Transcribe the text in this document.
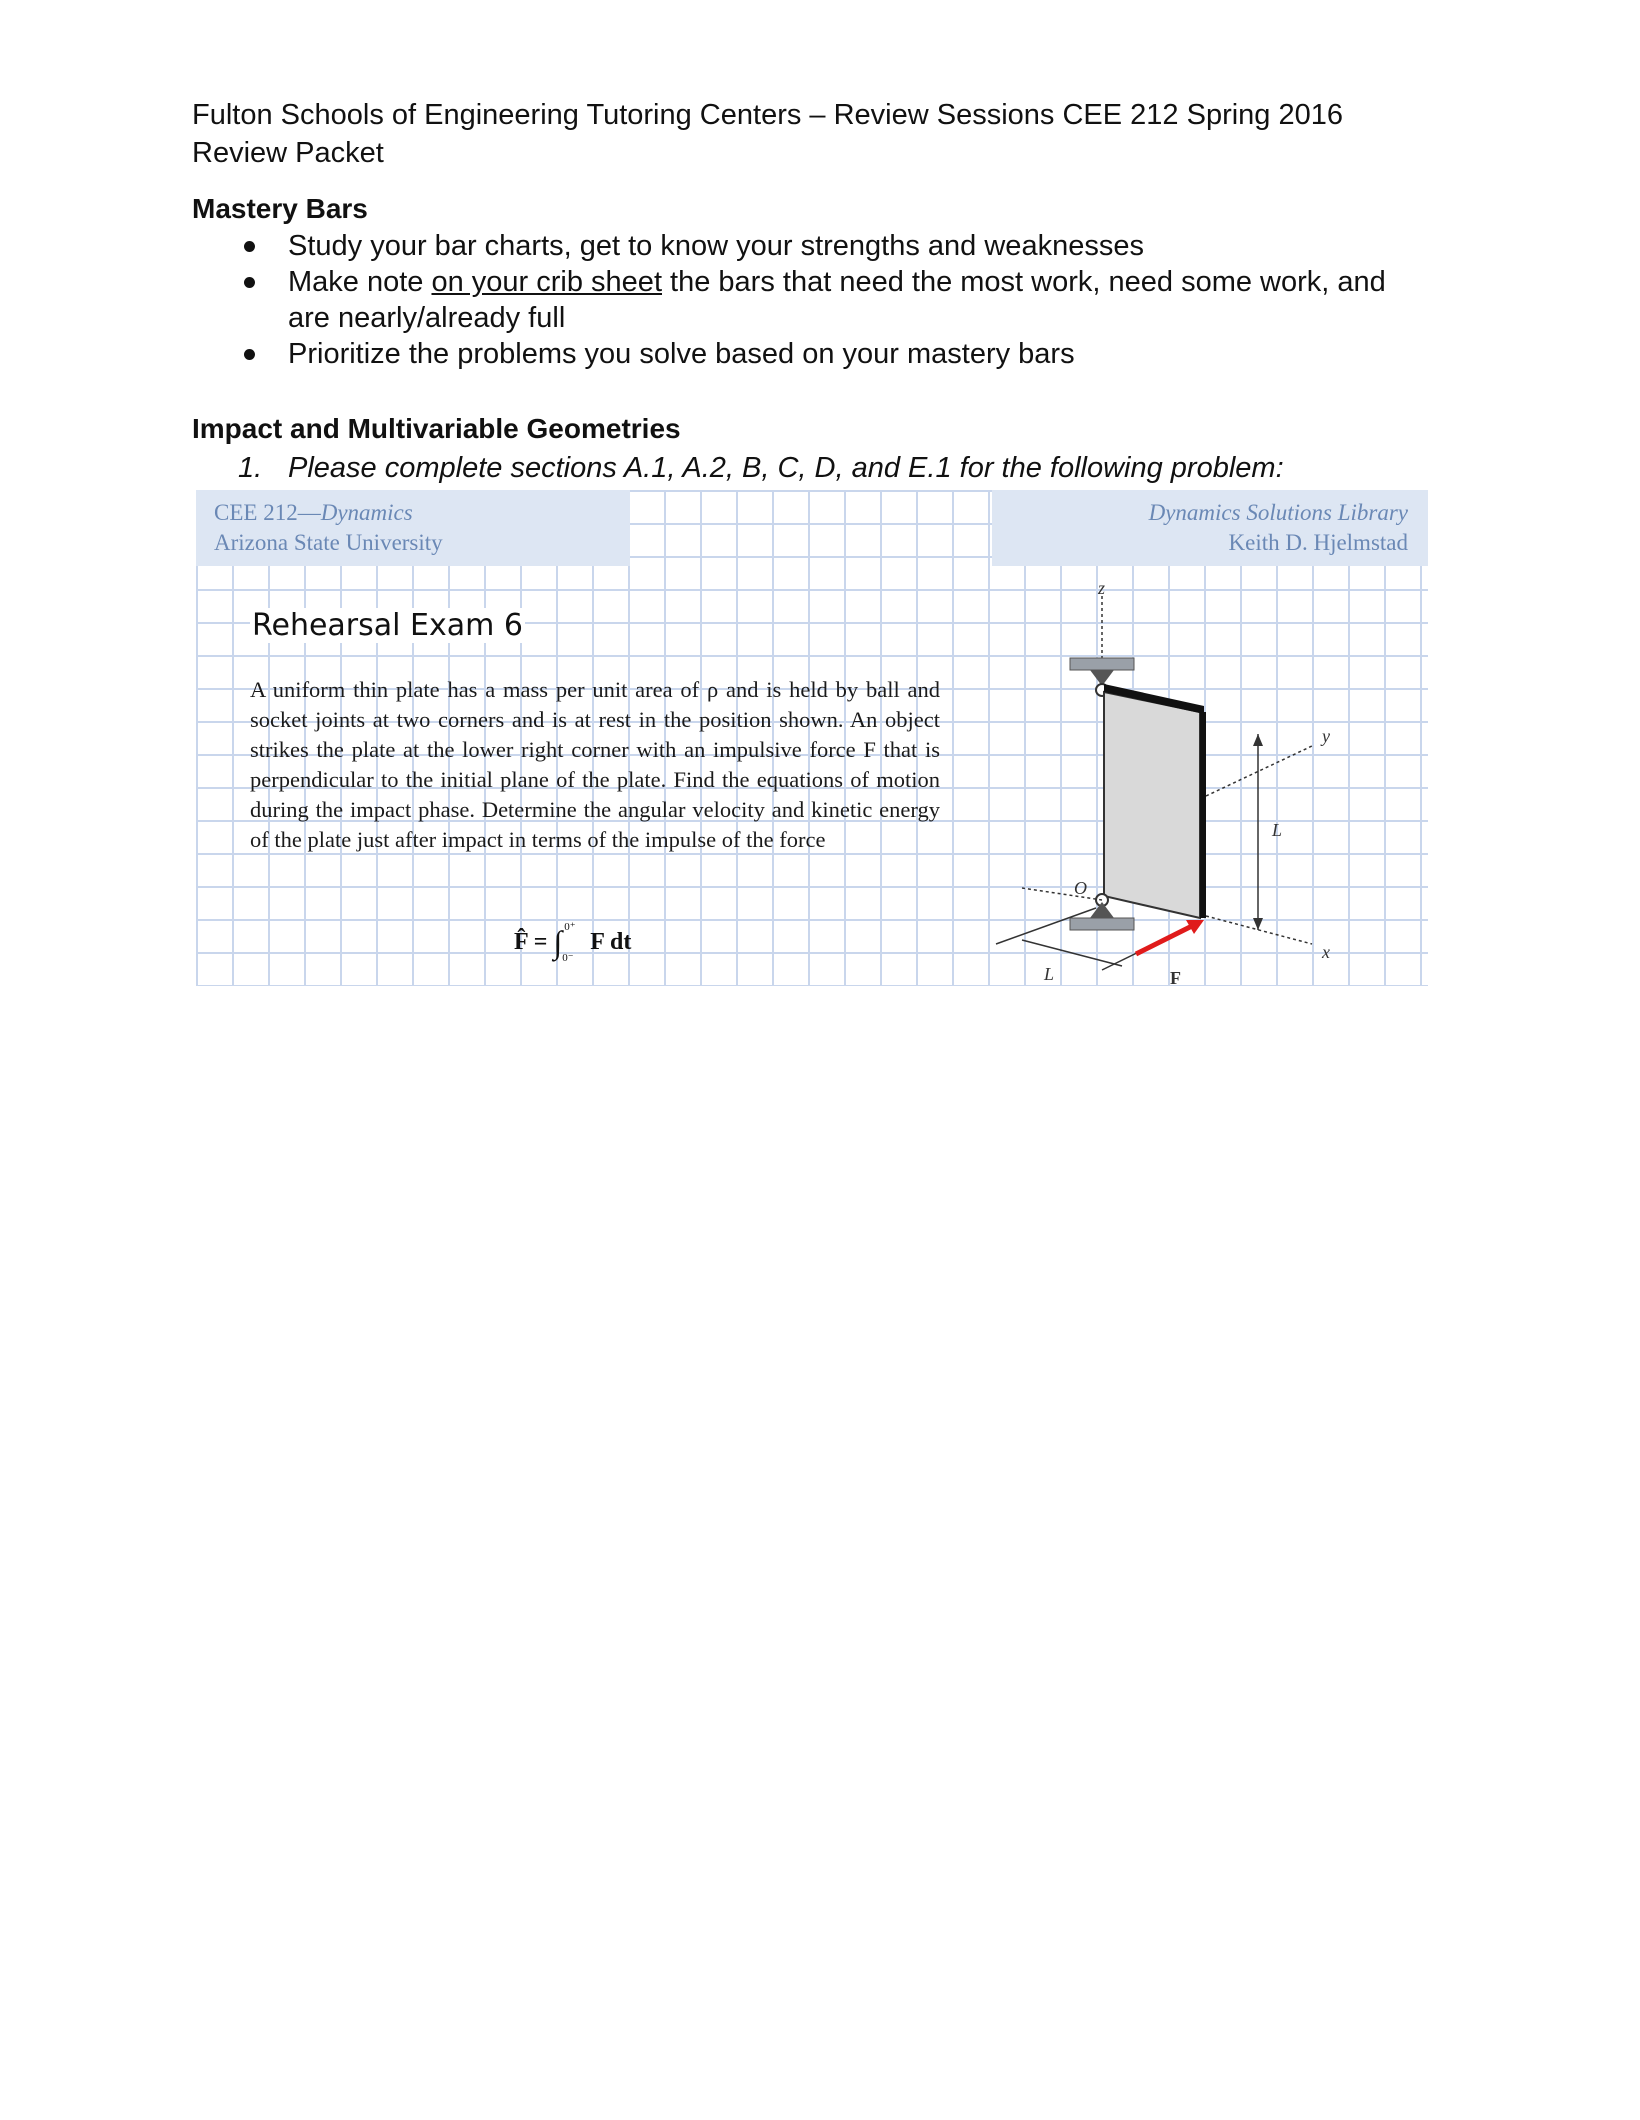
Fulton Schools of Engineering Tutoring Centers – Review Sessions CEE 212 Spring 2016
Review Packet
Mastery Bars
Study your bar charts, get to know your strengths and weaknesses
Make note on your crib sheet the bars that need the most work, need some work, and are nearly/already full
Prioritize the problems you solve based on your mastery bars
Impact and Multivariable Geometries
1. Please complete sections A.1, A.2, B, C, D, and E.1 for the following problem:
CEE 212—Dynamics
Arizona State University
Dynamics Solutions Library
Keith D. Hjelmstad
Rehearsal Exam 6
A uniform thin plate has a mass per unit area of ρ and is held by ball and socket joints at two corners and is at rest in the position shown. An object strikes the plate at the lower right corner with an impulsive force F that is perpendicular to the initial plane of the plate. Find the equations of motion during the impact phase. Determine the angular velocity and kinetic energy of the plate just after impact in terms of the impulse of the force
F̂ = ∫ 0⁺
0⁻
F dt
z
y
x
O
L
L	F
